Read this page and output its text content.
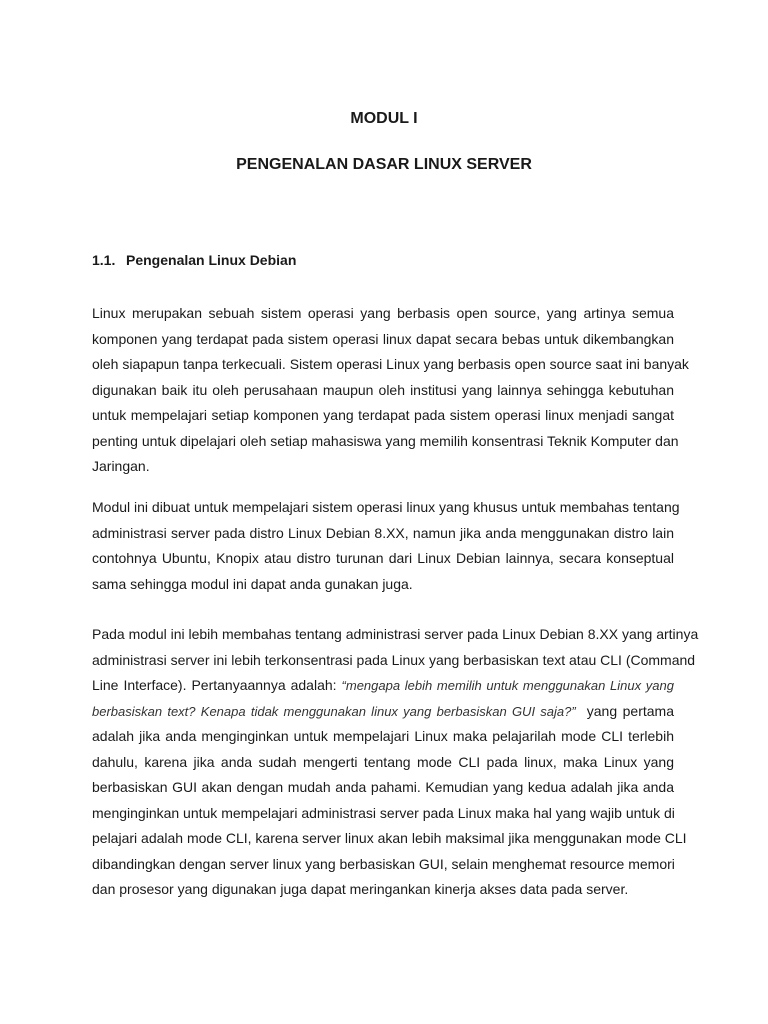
MODUL I
PENGENALAN DASAR LINUX SERVER
1.1. Pengenalan Linux Debian

Linux merupakan sebuah sistem operasi yang berbasis open source, yang artinya semua
komponen yang terdapat pada sistem operasi linux dapat secara bebas untuk dikembangkan
oleh siapapun tanpa terkecuali. Sistem operasi Linux yang berbasis open source saat ini banyak
digunakan baik itu oleh perusahaan maupun oleh institusi yang lainnya sehingga kebutuhan
untuk mempelajari setiap komponen yang terdapat pada sistem operasi linux menjadi sangat
penting untuk dipelajari oleh setiap mahasiswa yang memilih konsentrasi Teknik Komputer dan
Jaringan.

Modul ini dibuat untuk mempelajari sistem operasi linux yang khusus untuk membahas tentang
administrasi server pada distro Linux Debian 8.XX, namun jika anda menggunakan distro lain
contohnya Ubuntu, Knopix atau distro turunan dari Linux Debian lainnya, secara konseptual
sama sehingga modul ini dapat anda gunakan juga.

Pada modul ini lebih membahas tentang administrasi server pada Linux Debian 8.XX yang artinya
administrasi server ini lebih terkonsentrasi pada Linux yang berbasiskan text atau CLI (Command
Line Interface). Pertanyaannya adalah: “mengapa lebih memilih untuk menggunakan Linux yang
berbasiskan text? Kenapa tidak menggunakan linux yang berbasiskan GUI saja?”  yang pertama
adalah jika anda menginginkan untuk mempelajari Linux maka pelajarilah mode CLI terlebih
dahulu, karena jika anda sudah mengerti tentang mode CLI pada linux, maka Linux yang
berbasiskan GUI akan dengan mudah anda pahami. Kemudian yang kedua adalah jika anda
menginginkan untuk mempelajari administrasi server pada Linux maka hal yang wajib untuk di
pelajari adalah mode CLI, karena server linux akan lebih maksimal jika menggunakan mode CLI
dibandingkan dengan server linux yang berbasiskan GUI, selain menghemat resource memori
dan prosesor yang digunakan juga dapat meringankan kinerja akses data pada server.
